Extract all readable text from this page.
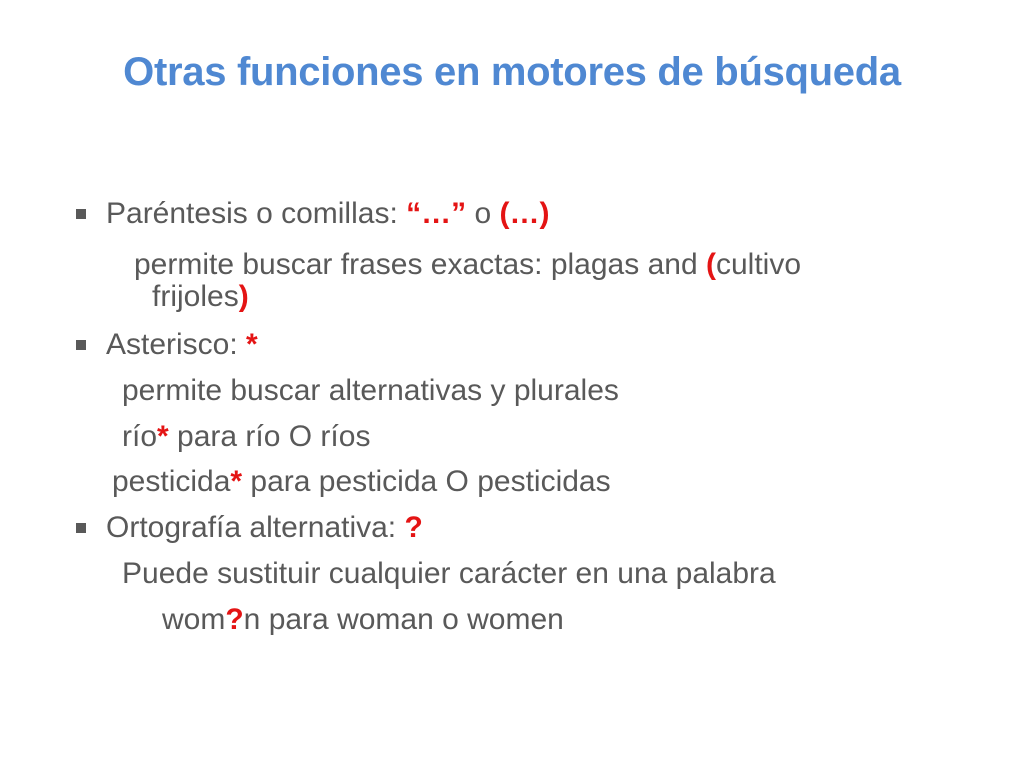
Otras funciones en motores de búsqueda
Paréntesis o comillas: “…” o (…)
permite buscar frases exactas: plagas and (cultivo
frijoles)
Asterisco: *
permite buscar alternativas y plurales
río* para río O ríos
pesticida* para pesticida O pesticidas
Ortografía alternativa: ?
Puede sustituir cualquier carácter en una palabra
wom?n para woman o women
